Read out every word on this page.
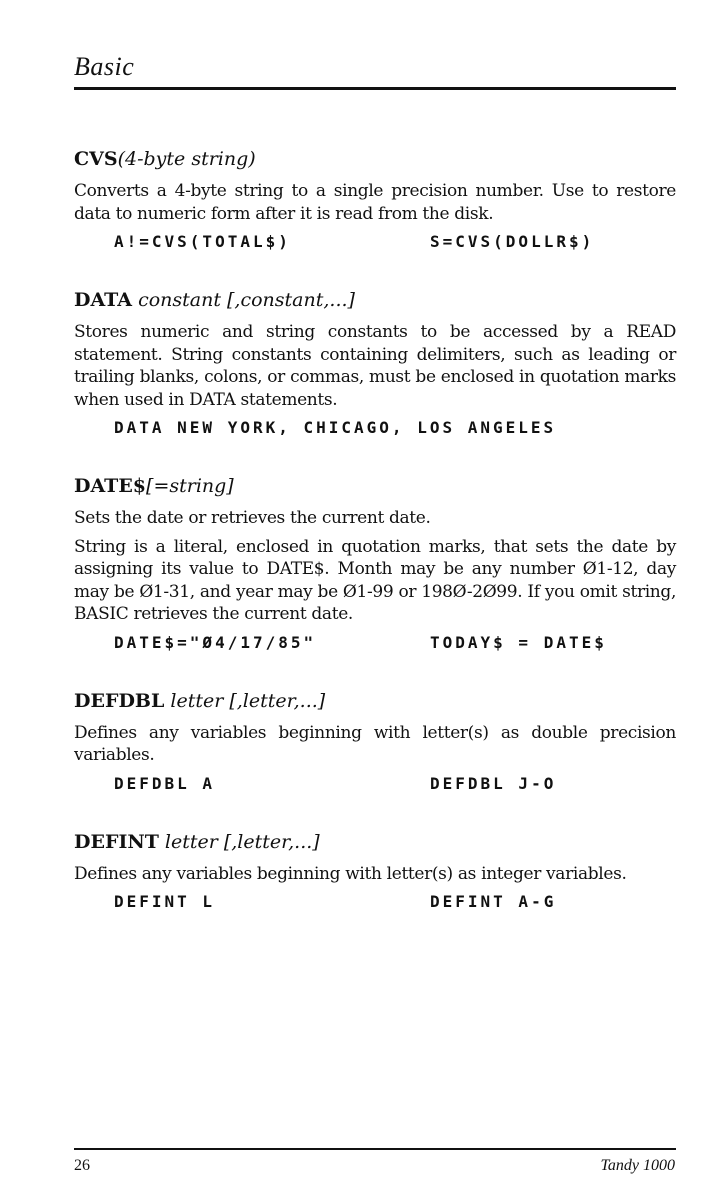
Basic
CVS(4-byte string)

Converts a 4-byte string to a single precision number. Use to restore data to numeric form after it is read from the disk.

A!=CVS(TOTAL$)	S=CVS(DOLLR$)
DATA constant [,constant,...]

Stores numeric and string constants to be accessed by a READ statement. String constants containing delimiters, such as leading or trailing blanks, colons, or commas, must be enclosed in quotation marks when used in DATA statements.

DATA NEW YORK, CHICAGO, LOS ANGELES
DATE$[=string]

Sets the date or retrieves the current date.

String is a literal, enclosed in quotation marks, that sets the date by assigning its value to DATE$. Month may be any number Ø1-12, day may be Ø1-31, and year may be Ø1-99 or 198Ø-2Ø99. If you omit string, BASIC retrieves the current date.

DATE$="Ø4/17/85"	TODAY$ = DATE$
DEFDBL letter [,letter,...]

Defines any variables beginning with letter(s) as double precision variables.

DEFDBL A	DEFDBL J-O
DEFINT letter [,letter,...]

Defines any variables beginning with letter(s) as integer variables.

DEFINT L	DEFINT A-G
26	Tandy 1000
